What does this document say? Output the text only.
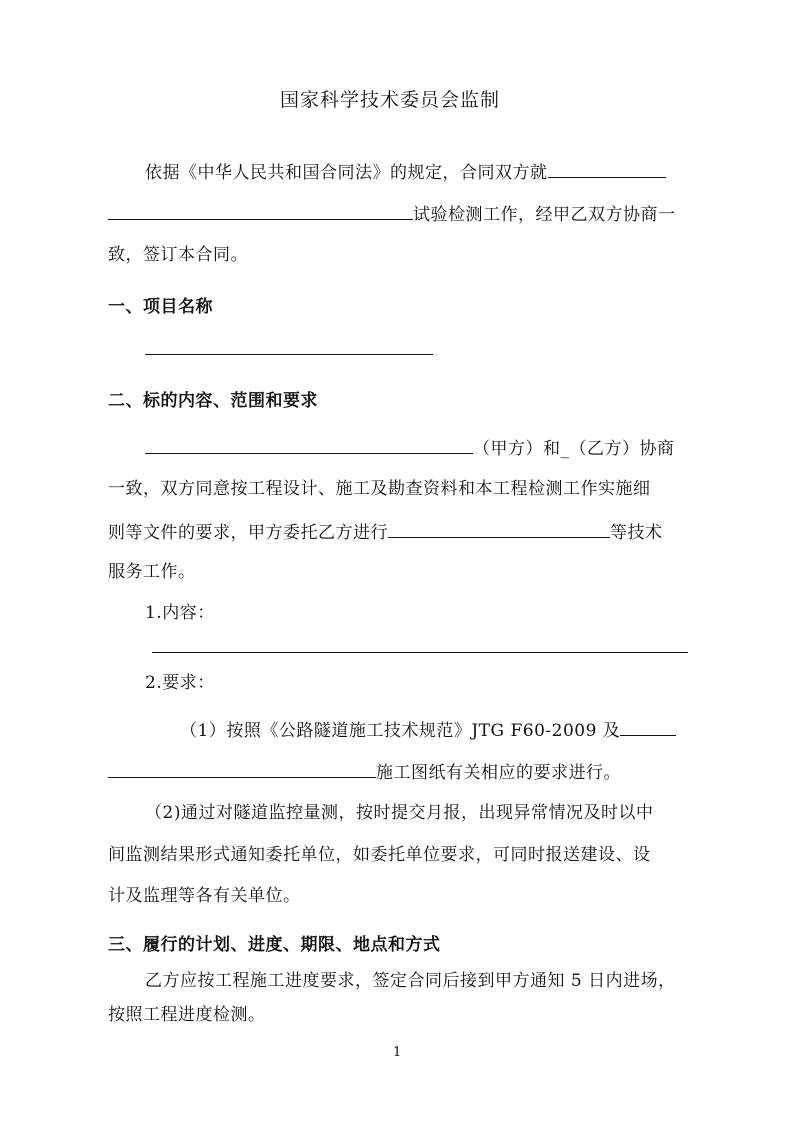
国家科学技术委员会监制
依据《中华人民共和国合同法》的规定，合同双方就
试验检测工作，经甲乙双方协商一
致，签订本合同。
一、项目名称
二、标的内容、范围和要求
（甲方）和_（乙方）协商
一致，双方同意按工程设计、施工及勘查资料和本工程检测工作实施细
则等文件的要求，甲方委托乙方进行	等技术
服务工作。
1.内容：
2.要求：
（1）按照《公路隧道施工技术规范》JTG F60-2009 及
施工图纸有关相应的要求进行。
（2)通过对隧道监控量测，按时提交月报，出现异常情况及时以中
间监测结果形式通知委托单位，如委托单位要求，可同时报送建设、设
计及监理等各有关单位。
三、履行的计划、进度、期限、地点和方式
乙方应按工程施工进度要求，签定合同后接到甲方通知 5 日内进场，
按照工程进度检测。
1
